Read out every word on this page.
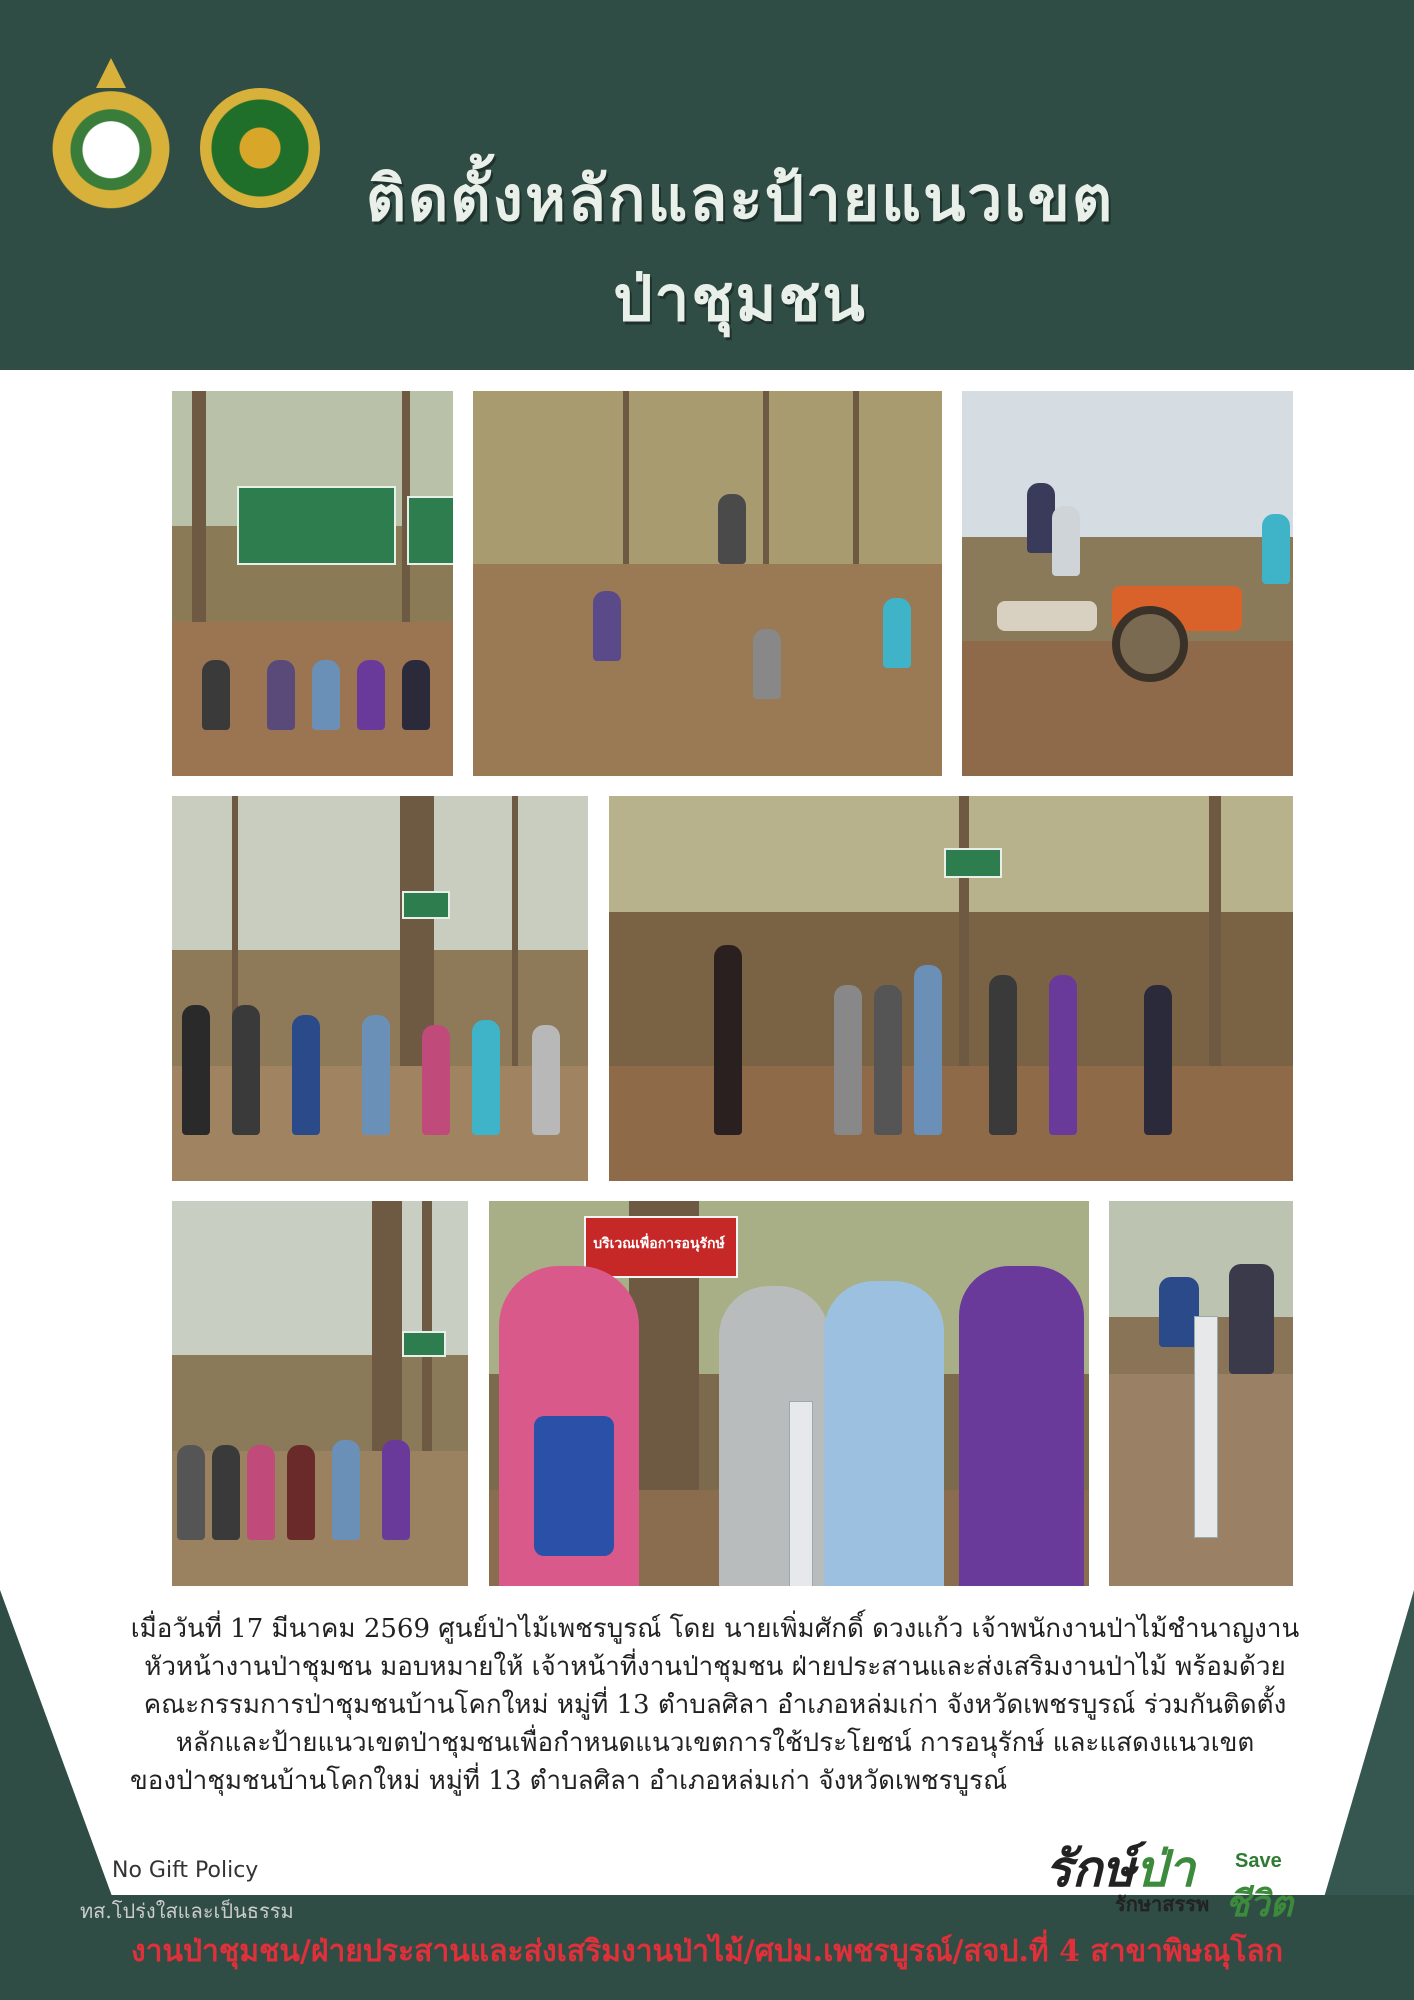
ติดตั้งหลักและป้ายแนวเขต
ป่าชุมชน
บริเวณเพื่อการอนุรักษ์
เมื่อวันที่ 17 มีนาคม 2569 ศูนย์ป่าไม้เพชรบูรณ์ โดย นายเพิ่มศักดิ์ ดวงแก้ว เจ้าพนักงานป่าไม้ชำนาญงาน
หัวหน้างานป่าชุมชน มอบหมายให้ เจ้าหน้าที่งานป่าชุมชน ฝ่ายประสานและส่งเสริมงานป่าไม้ พร้อมด้วย
คณะกรรมการป่าชุมชนบ้านโคกใหม่ หมู่ที่ 13 ตำบลศิลา อำเภอหล่มเก่า จังหวัดเพชรบูรณ์ ร่วมกันติดตั้ง
หลักและป้ายแนวเขตป่าชุมชนเพื่อกำหนดแนวเขตการใช้ประโยชน์ การอนุรักษ์ และแสดงแนวเขต
ของป่าชุมชนบ้านโคกใหม่ หมู่ที่ 13 ตำบลศิลา อำเภอหล่มเก่า จังหวัดเพชรบูรณ์
No Gift Policy
ทส.โปร่งใสและเป็นธรรม
รักษ์ป่า Save
รักษาสรรพ ชีวิต
งานป่าชุมชน/ฝ่ายประสานและส่งเสริมงานป่าไม้/ศปม.เพชรบูรณ์/สจป.ที่ 4 สาขาพิษณุโลก
